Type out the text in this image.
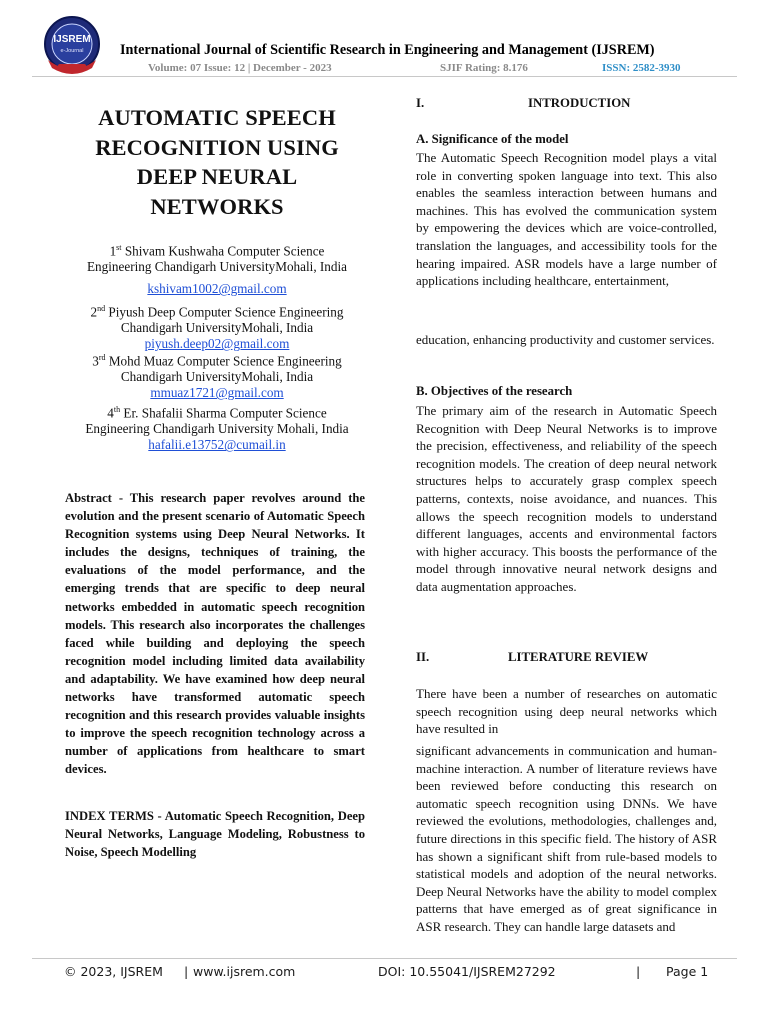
IJSREM
e-Journal	International Journal of Scientific Research in Engineering and Management (IJSREM)
Volume: 07 Issue: 12 | December - 2023	SJIF Rating: 8.176	ISSN: 2582-3930
AUTOMATIC SPEECH
RECOGNITION USING
DEEP NEURAL
NETWORKS
1st Shivam Kushwaha Computer Science
Engineering Chandigarh UniversityMohali, India
kshivam1002@gmail.com
2nd Piyush Deep Computer Science Engineering
Chandigarh UniversityMohali, India
piyush.deep02@gmail.com
3rd Mohd Muaz Computer Science Engineering
Chandigarh UniversityMohali, India
mmuaz1721@gmail.com
4th Er. Shafalii Sharma Computer Science
Engineering Chandigarh University Mohali, India
hafalii.e13752@cumail.in
Abstract - This research paper revolves around the evolution and the present scenario of Automatic Speech Recognition systems using Deep Neural Networks. It includes the designs, techniques of training, the evaluations of the model performance, and the emerging trends that are specific to deep neural networks embedded in automatic speech recognition models. This research also incorporates the challenges faced while building and deploying the speech recognition model including limited data availability and adaptability. We have examined how deep neural networks have transformed automatic speech recognition and this research provides valuable insights to improve the speech recognition technology across a number of applications from healthcare to smart devices.
INDEX TERMS - Automatic Speech Recognition, Deep Neural Networks, Language Modeling, Robustness to Noise, Speech Modelling
I.	INTRODUCTION
A. Significance of the model
The Automatic Speech Recognition model plays a vital role in converting spoken language into text. This also enables the seamless interaction between humans and machines. This has evolved the communication system by empowering the devices which are voice-controlled, translation the languages, and accessibility tools for the hearing impaired. ASR models have a large number of applications including healthcare, entertainment,
education, enhancing productivity and customer services.
B. Objectives of the research
The primary aim of the research in Automatic Speech Recognition with Deep Neural Networks is to improve the precision, effectiveness, and reliability of the speech recognition models. The creation of deep neural network structures helps to accurately grasp complex speech patterns, contexts, noise avoidance, and nuances. This allows the speech recognition models to understand different languages, accents and environmental factors with higher accuracy. This boosts the performance of the model through innovative neural network designs and data augmentation approaches.
II.	LITERATURE REVIEW
There have been a number of researches on automatic speech recognition using deep neural networks which have resulted in
significant advancements in communication and human-machine interaction. A number of literature reviews have been reviewed before conducting this research on automatic speech recognition using DNNs. We have reviewed the evolutions, methodologies, challenges and, future directions in this specific field. The history of ASR has shown a significant shift from rule-based models to statistical models and adoption of the neural networks. Deep Neural Networks have the ability to model complex patterns that have emerged as of great significance in ASR research. They can handle large datasets and
© 2023, IJSREM | www.ijsrem.com	DOI: 10.55041/IJSREM27292	| Page 1
